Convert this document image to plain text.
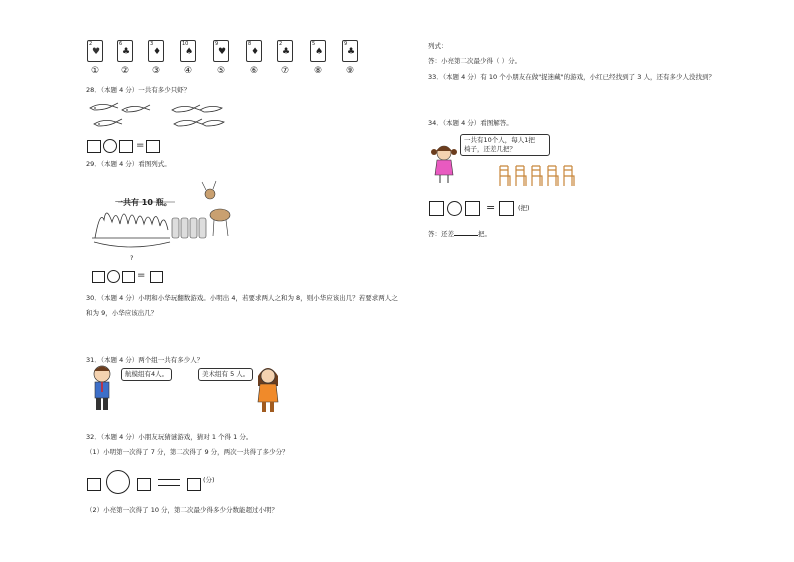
2
♥
6
♣
3
♦
10
♠
9
♥
8
♦
2
♣
5
♠
9
♣
①	②	③	④	⑤	⑥	⑦	⑧	⑨
28．（本题 4 分）一共有多少只虾？
=
29．（本题 4 分）看图列式。
一共有 10 瓶。
?
=
30．（本题 4 分）小明和小华玩翻数游戏。小明出 4，若要求两人之和为 8，则小华应该出几？若要求两人之
和为 9，小华应该出几？
31．（本题 4 分）两个组一共有多少人？
航模组有4人。	美术组有 5 人。
32．（本题 4 分）小朋友玩猜谜游戏，猜对 1 个得 1 分。
（1）小明第一次得了 7 分，第二次得了 9 分，两次一共得了多少分？
(分)
（2）小亮第一次得了 10 分，第二次最少得多少分数能超过小明？
列式：
答：小亮第二次最少得（ ）分。
33．（本题 4 分）有 10 个小朋友在做"捉迷藏"的游戏，小红已经找到了 3 人，还有多少人没找到？
34．（本题 4 分）看图解答。
一共有10个人，每人1把
椅子，还差几把？
=	(把)
答：还差	把。
